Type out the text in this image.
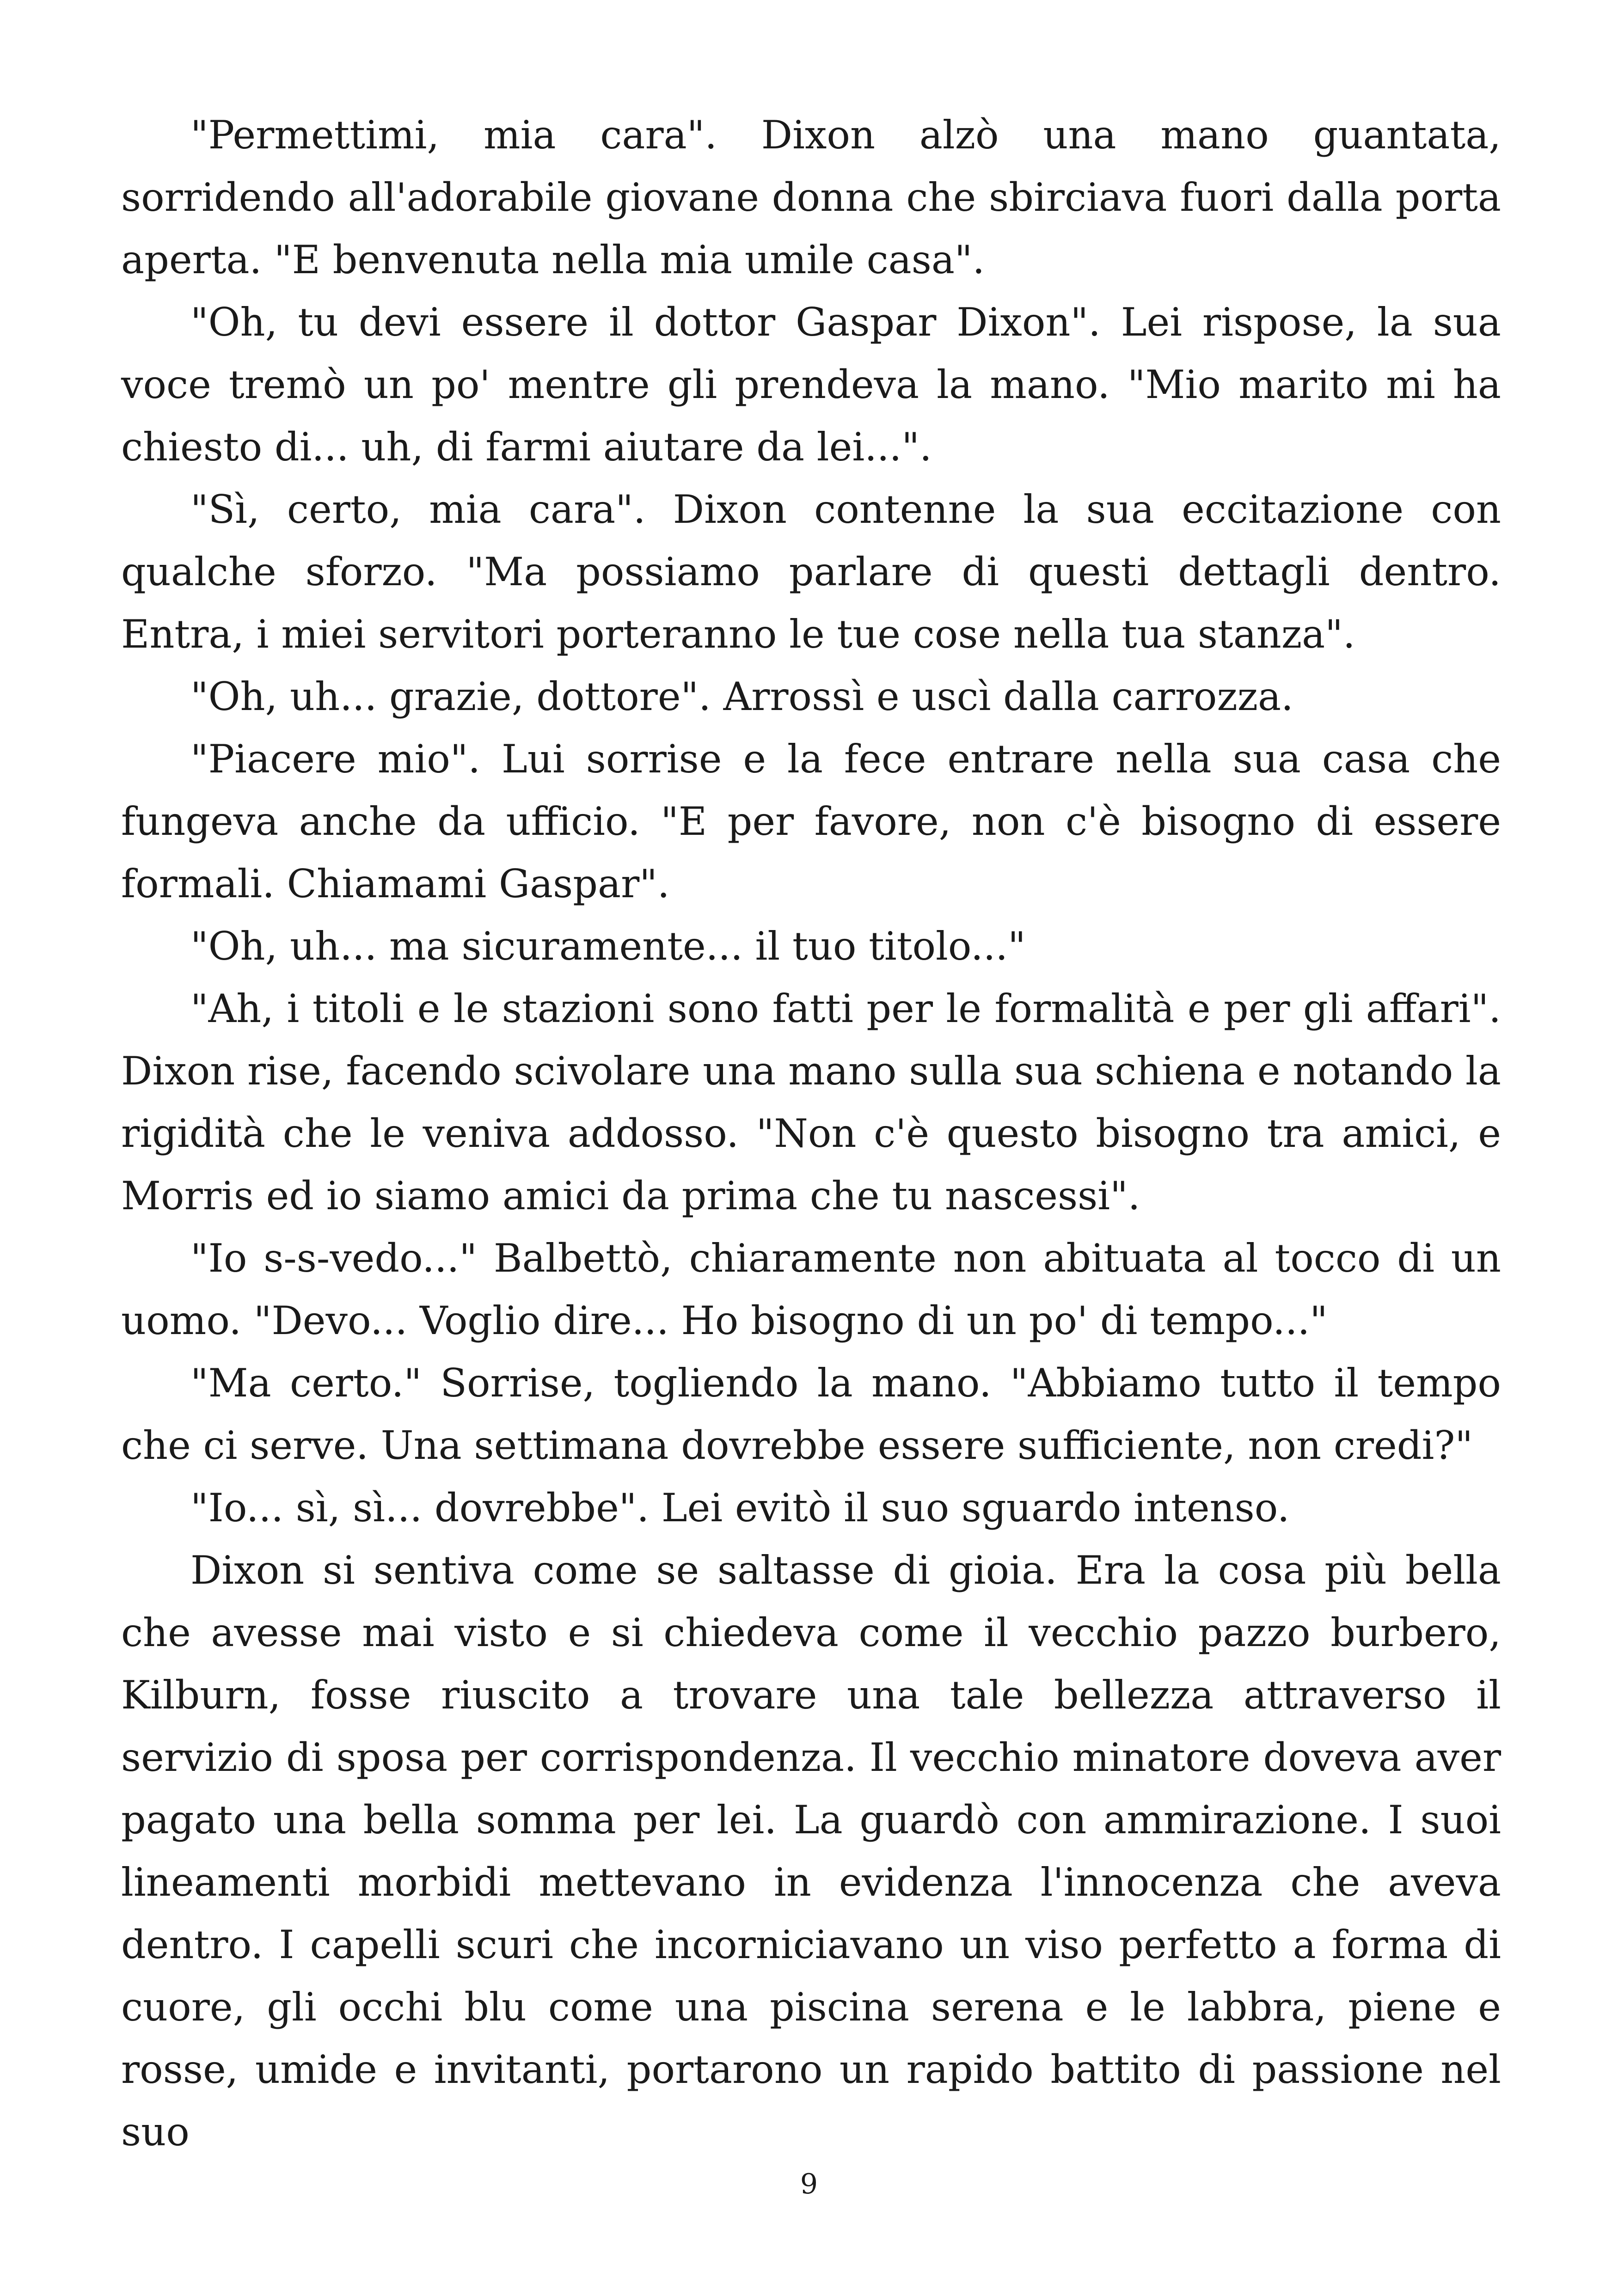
"Permettimi, mia cara". Dixon alzò una mano guantata, sorridendo all'adorabile giovane donna che sbirciava fuori dalla porta aperta. "E benvenuta nella mia umile casa".

"Oh, tu devi essere il dottor Gaspar Dixon". Lei rispose, la sua voce tremò un po' mentre gli prendeva la mano. "Mio marito mi ha chiesto di... uh, di farmi aiutare da lei...".

"Sì, certo, mia cara". Dixon contenne la sua eccitazione con qualche sforzo. "Ma possiamo parlare di questi dettagli dentro. Entra, i miei servitori porteranno le tue cose nella tua stanza".

"Oh, uh... grazie, dottore". Arrossì e uscì dalla carrozza.

"Piacere mio". Lui sorrise e la fece entrare nella sua casa che fungeva anche da ufficio. "E per favore, non c'è bisogno di essere formali. Chiamami Gaspar".

"Oh, uh... ma sicuramente... il tuo titolo..."

"Ah, i titoli e le stazioni sono fatti per le formalità e per gli affari". Dixon rise, facendo scivolare una mano sulla sua schiena e notando la rigidità che le veniva addosso. "Non c'è questo bisogno tra amici, e Morris ed io siamo amici da prima che tu nascessi".

"Io s-s-vedo..." Balbettò, chiaramente non abituata al tocco di un uomo. "Devo... Voglio dire... Ho bisogno di un po' di tempo..."

"Ma certo." Sorrise, togliendo la mano. "Abbiamo tutto il tempo che ci serve. Una settimana dovrebbe essere sufficiente, non credi?"

"Io... sì, sì... dovrebbe". Lei evitò il suo sguardo intenso.

Dixon si sentiva come se saltasse di gioia. Era la cosa più bella che avesse mai visto e si chiedeva come il vecchio pazzo burbero, Kilburn, fosse riuscito a trovare una tale bellezza attraverso il servizio di sposa per corrispondenza. Il vecchio minatore doveva aver pagato una bella somma per lei. La guardò con ammirazione. I suoi lineamenti morbidi mettevano in evidenza l'innocenza che aveva dentro. I capelli scuri che incorniciavano un viso perfetto a forma di cuore, gli occhi blu come una piscina serena e le labbra, piene e rosse, umide e invitanti, portarono un rapido battito di passione nel suo

9
